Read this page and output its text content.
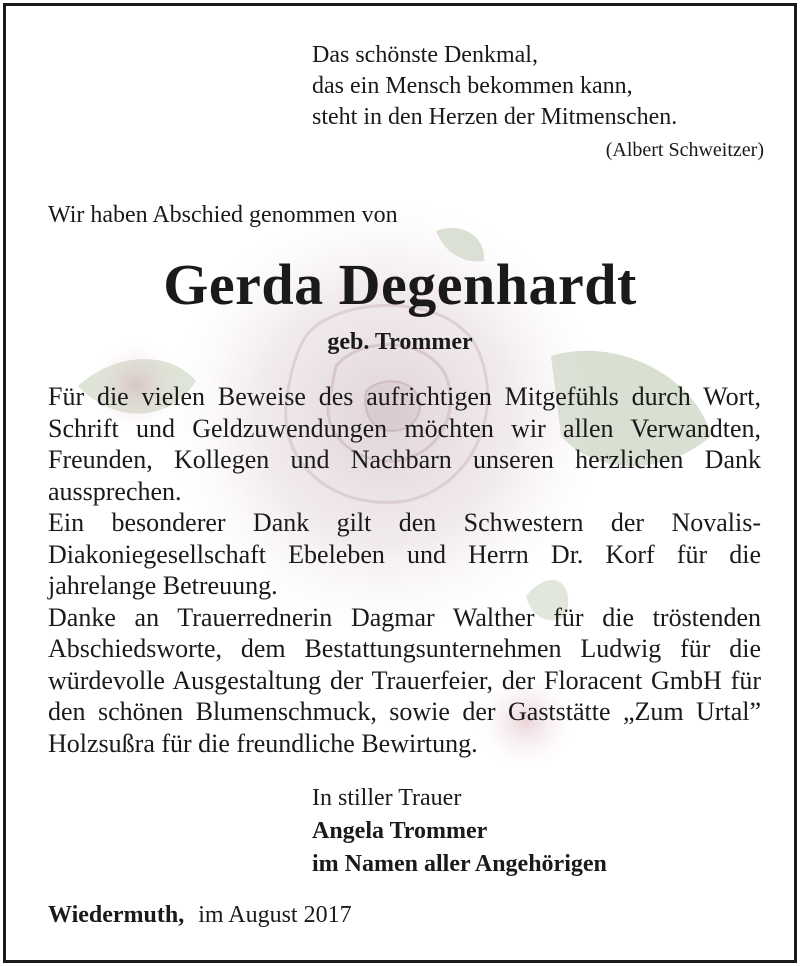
Das schönste Denkmal,
das ein Mensch bekommen kann,
steht in den Herzen der Mitmenschen.
(Albert Schweitzer)
Wir haben Abschied genommen von
Gerda Degenhardt
geb. Trommer

Für die vielen Beweise des aufrichtigen Mitgefühls durch Wort, Schrift und Geldzuwendungen möchten wir allen Verwandten, Freunden, Kollegen und Nachbarn unseren herzlichen Dank aussprechen.

Ein besonderer Dank gilt den Schwestern der Novalis-Diakoniegesellschaft Ebeleben und Herrn Dr. Korf für die jahrelange Betreuung.

Danke an Trauerrednerin Dagmar Walther für die tröstenden Abschiedsworte, dem Bestattungsunternehmen Ludwig für die würdevolle Ausgestaltung der Trauerfeier, der Floracent GmbH für den schönen Blumenschmuck, sowie der Gaststätte „Zum Urtal” Holzsußra für die freundliche Bewirtung.

In stiller Trauer
Angela Trommer
im Namen aller Angehörigen
Wiedermuth, im August 2017
